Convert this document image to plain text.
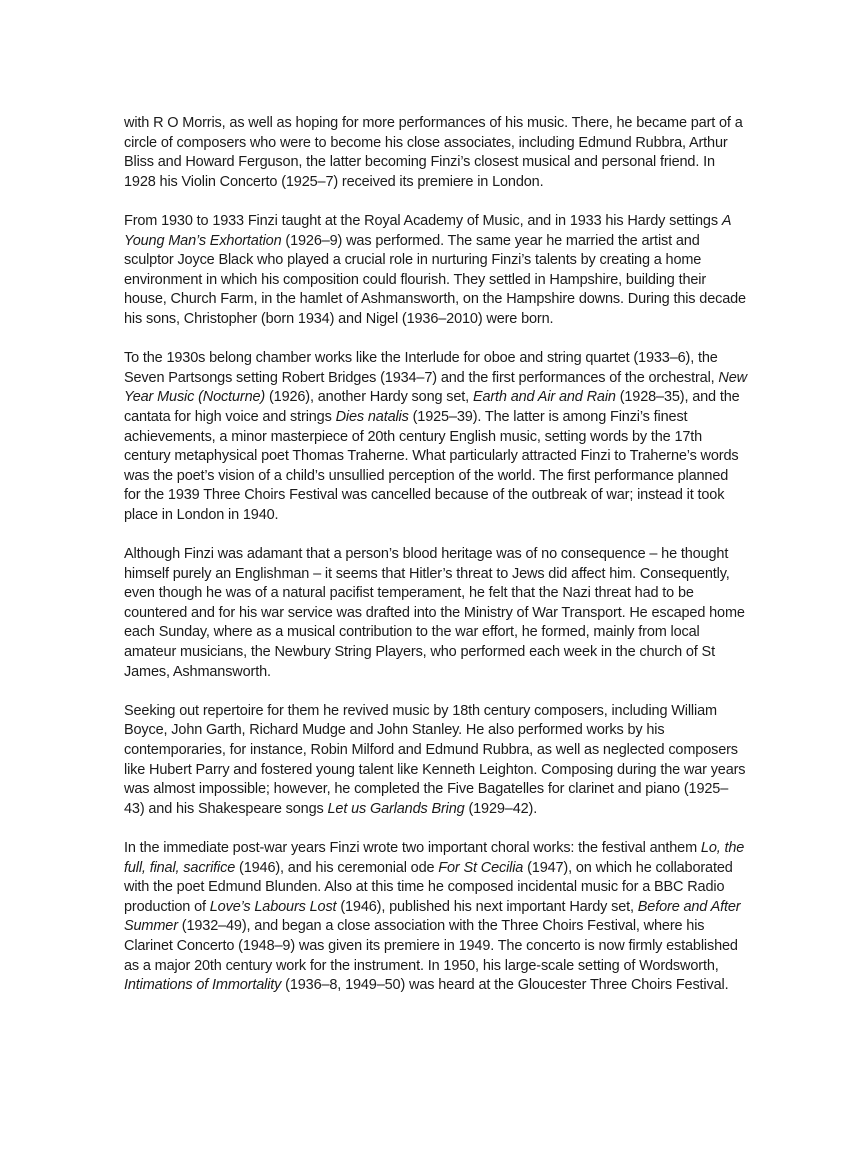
with R O Morris, as well as hoping for more performances of his music. There, he became part of a circle of composers who were to become his close associates, including Edmund Rubbra, Arthur Bliss and Howard Ferguson, the latter becoming Finzi’s closest musical and personal friend. In 1928 his Violin Concerto (1925–7) received its premiere in London.

From 1930 to 1933 Finzi taught at the Royal Academy of Music, and in 1933 his Hardy settings A Young Man’s Exhortation (1926–9) was performed. The same year he married the artist and sculptor Joyce Black who played a crucial role in nurturing Finzi’s talents by creating a home environment in which his composition could flourish. They settled in Hampshire, building their house, Church Farm, in the hamlet of Ashmansworth, on the Hampshire downs. During this decade his sons, Christopher (born 1934) and Nigel (1936–2010) were born.

To the 1930s belong chamber works like the Interlude for oboe and string quartet (1933–6), the Seven Partsongs setting Robert Bridges (1934–7) and the first performances of the orchestral, New Year Music (Nocturne) (1926), another Hardy song set, Earth and Air and Rain (1928–35), and the cantata for high voice and strings Dies natalis (1925–39). The latter is among Finzi’s finest achievements, a minor masterpiece of 20th century English music, setting words by the 17th century metaphysical poet Thomas Traherne. What particularly attracted Finzi to Traherne’s words was the poet’s vision of a child’s unsullied perception of the world. The first performance planned for the 1939 Three Choirs Festival was cancelled because of the outbreak of war; instead it took place in London in 1940.

Although Finzi was adamant that a person’s blood heritage was of no consequence – he thought himself purely an Englishman – it seems that Hitler’s threat to Jews did affect him. Consequently, even though he was of a natural pacifist temperament, he felt that the Nazi threat had to be countered and for his war service was drafted into the Ministry of War Transport. He escaped home each Sunday, where as a musical contribution to the war effort, he formed, mainly from local amateur musicians, the Newbury String Players, who performed each week in the church of St James, Ashmansworth.

Seeking out repertoire for them he revived music by 18th century composers, including William Boyce, John Garth, Richard Mudge and John Stanley. He also performed works by his contemporaries, for instance, Robin Milford and Edmund Rubbra, as well as neglected composers like Hubert Parry and fostered young talent like Kenneth Leighton. Composing during the war years was almost impossible; however, he completed the Five Bagatelles for clarinet and piano (1925–43) and his Shakespeare songs Let us Garlands Bring (1929–42).

In the immediate post-war years Finzi wrote two important choral works: the festival anthem Lo, the full, final, sacrifice (1946), and his ceremonial ode For St Cecilia (1947), on which he collaborated with the poet Edmund Blunden. Also at this time he composed incidental music for a BBC Radio production of Love’s Labours Lost (1946), published his next important Hardy set, Before and After Summer (1932–49), and began a close association with the Three Choirs Festival, where his Clarinet Concerto (1948–9) was given its premiere in 1949. The concerto is now firmly established as a major 20th century work for the instrument. In 1950, his large-scale setting of Wordsworth, Intimations of Immortality (1936–8, 1949–50) was heard at the Gloucester Three Choirs Festival.
